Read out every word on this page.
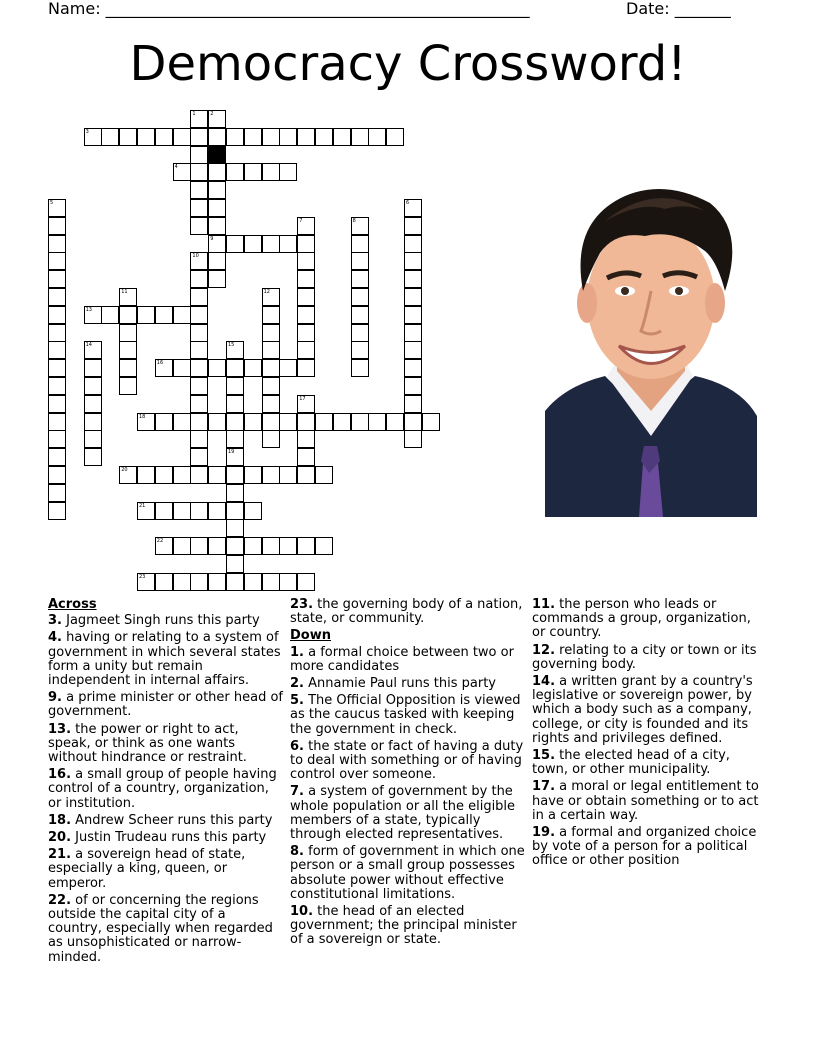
Name: _____________________________________________________	Date: _______
Democracy Crossword!
1	2
9
3
4
5	6
7	8
10
11	12
13
14	15
19
16
17
18
20
21
22
23
Across
3. Jagmeet Singh runs this party
4. having or relating to a system of government in which several states form a unity but remain independent in internal affairs.
9. a prime minister or other head of government.
13. the power or right to act, speak, or think as one wants without hindrance or restraint.
16. a small group of people having control of a country, organization, or institution.
18. Andrew Scheer runs this party
20. Justin Trudeau runs this party
21. a sovereign head of state, especially a king, queen, or emperor.
22. of or concerning the regions outside the capital city of a country, especially when regarded as unsophisticated or narrow-minded.
23. the governing body of a nation, state, or community.
Down
1. a formal choice between two or more candidates
2. Annamie Paul runs this party
5. The Official Opposition is viewed as the caucus tasked with keeping the government in check.
6. the state or fact of having a duty to deal with something or of having control over someone.
7. a system of government by the whole population or all the eligible members of a state, typically through elected representatives.
8. form of government in which one person or a small group possesses absolute power without effective constitutional limitations.
10. the head of an elected government; the principal minister of a sovereign or state.
11. the person who leads or commands a group, organization, or country.
12. relating to a city or town or its governing body.
14. a written grant by a country's legislative or sovereign power, by which a body such as a company, college, or city is founded and its rights and privileges defined.
15. the elected head of a city, town, or other municipality.
17. a moral or legal entitlement to have or obtain something or to act in a certain way.
19. a formal and organized choice by vote of a person for a political office or other position
